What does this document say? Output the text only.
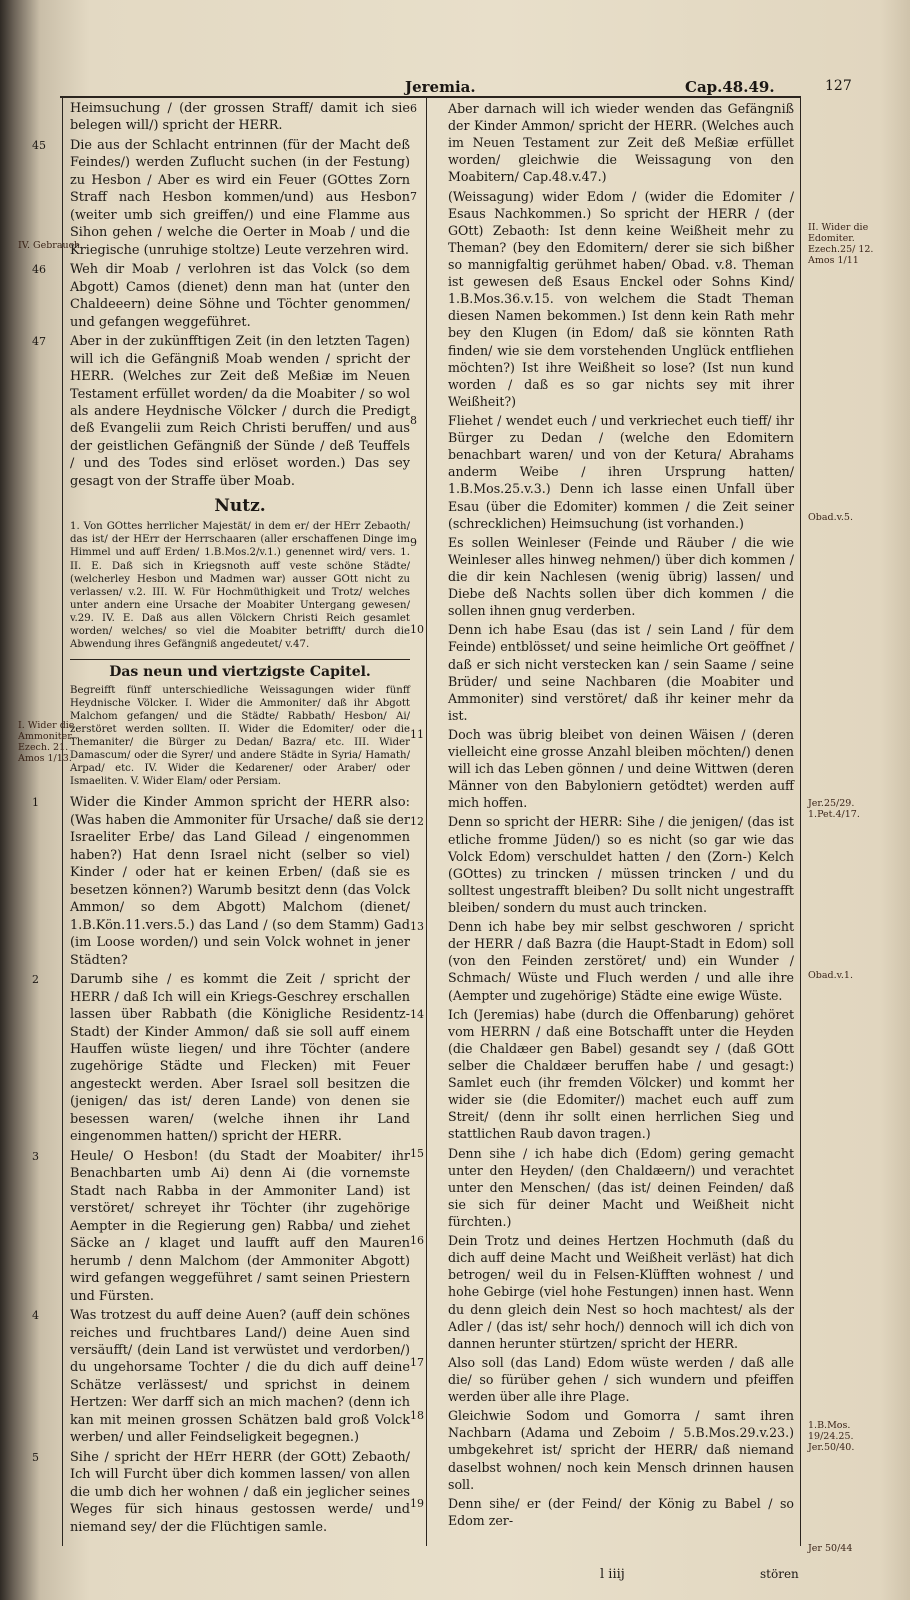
Jeremia.	Cap.48.49.	127
IV. Gebrauch.
I. Wider die Ammoniter. Ezech. 21. Amos 1/13.
II. Wider die Edomiter. Ezech.25/ 12. Amos 1/11
Obad.v.5.
Jer.25/29. 1.Pet.4/17.
Obad.v.1.
1.B.Mos. 19/24.25. Jer.50/40.
Jer 50/44

Heimsuchung / (der grossen Straff/ damit ich sie belegen will/) spricht der HERR.

45 Die aus der Schlacht entrinnen (für der Macht deß Feindes/) werden Zuflucht suchen (in der Festung) zu Hesbon / Aber es wird ein Feuer (GOttes Zorn Straff nach Hesbon kommen/und) aus Hesbon (weiter umb sich greiffen/) und eine Flamme aus Sihon gehen / welche die Oerter in Moab / und die Kriegische (unruhige stoltze) Leute verzehren wird.

46 Weh dir Moab / verlohren ist das Volck (so dem Abgott) Camos (dienet) denn man hat (unter den Chaldeeern) deine Söhne und Töchter genommen/ und gefangen weggeführet.

47 Aber in der zukünfftigen Zeit (in den letzten Tagen) will ich die Gefängniß Moab wenden / spricht der HERR. (Welches zur Zeit deß Meßiæ im Neuen Testament erfüllet worden/ da die Moabiter / so wol als andere Heydnische Völcker / durch die Predigt deß Evangelii zum Reich Christi beruffen/ und aus der geistlichen Gefängniß der Sünde / deß Teuffels / und des Todes sind erlöset worden.) Das sey gesagt von der Straffe über Moab.

Nutz.

1. Von GOttes herrlicher Majestät/ in dem er/ der HErr Zebaoth/ das ist/ der HErr der Herrschaaren (aller erschaffenen Dinge im Himmel und auff Erden/ 1.B.Mos.2/v.1.) genennet wird/ vers. 1. II. E. Daß sich in Kriegsnoth auff veste schöne Städte/ (welcherley Hesbon und Madmen war) ausser GOtt nicht zu verlassen/ v.2. III. W. Für Hochmüthigkeit und Trotz/ welches unter andern eine Ursache der Moabiter Untergang gewesen/ v.29. IV. E. Daß aus allen Völckern Christi Reich gesamlet worden/ welches/ so viel die Moabiter betrifft/ durch die Abwendung ihres Gefängniß angedeutet/ v.47.

Das neun und viertzigste Capitel.

Begreifft fünff unterschiedliche Weissagungen wider fünff Heydnische Völcker. I. Wider die Ammoniter/ daß ihr Abgott Malchom gefangen/ und die Städte/ Rabbath/ Hesbon/ Ai/ zerstöret werden sollten. II. Wider die Edomiter/ oder die Themaniter/ die Bürger zu Dedan/ Bazra/ etc. III. Wider Damascum/ oder die Syrer/ und andere Städte in Syria/ Hamath/ Arpad/ etc. IV. Wider die Kedarener/ oder Araber/ oder Ismaeliten. V. Wider Elam/ oder Persiam.

1 Wider die Kinder Ammon spricht der HERR also: (Was haben die Ammoniter für Ursache/ daß sie der Israeliter Erbe/ das Land Gilead / eingenommen haben?) Hat denn Israel nicht (selber so viel) Kinder / oder hat er keinen Erben/ (daß sie es besetzen können?) Warumb besitzt denn (das Volck Ammon/ so dem Abgott) Malchom (dienet/ 1.B.Kön.11.vers.5.) das Land / (so dem Stamm) Gad (im Loose worden/) und sein Volck wohnet in jener Städten?

2 Darumb sihe / es kommt die Zeit / spricht der HERR / daß Ich will ein Kriegs-Geschrey erschallen lassen über Rabbath (die Königliche Residentz-Stadt) der Kinder Ammon/ daß sie soll auff einem Hauffen wüste liegen/ und ihre Töchter (andere zugehörige Städte und Flecken) mit Feuer angesteckt werden. Aber Israel soll besitzen die (jenigen/ das ist/ deren Lande) von denen sie besessen waren/ (welche ihnen ihr Land eingenommen hatten/) spricht der HERR.

3 Heule/ O Hesbon! (du Stadt der Moabiter/ ihr Benachbarten umb Ai) denn Ai (die vornemste Stadt nach Rabba in der Ammoniter Land) ist verstöret/ schreyet ihr Töchter (ihr zugehörige Aempter in die Regierung gen) Rabba/ und ziehet Säcke an / klaget und laufft auff den Mauren herumb / denn Malchom (der Ammoniter Abgott) wird gefangen weggeführet / samt seinen Priestern und Fürsten.

4 Was trotzest du auff deine Auen? (auff dein schönes reiches und fruchtbares Land/) deine Auen sind versäufft/ (dein Land ist verwüstet und verdorben/) du ungehorsame Tochter / die du dich auff deine Schätze verlässest/ und sprichst in deinem Hertzen: Wer darff sich an mich machen? (denn ich kan mit meinen grossen Schätzen bald groß Volck werben/ und aller Feindseligkeit begegnen.)

5 Sihe / spricht der HErr HERR (der GOtt) Zebaoth/ Ich will Furcht über dich kommen lassen/ von allen die umb dich her wohnen / daß ein jeglicher seines Weges für sich hinaus gestossen werde/ und niemand sey/ der die Flüchtigen samle.

6 Aber darnach will ich wieder wenden das Gefängniß der Kinder Ammon/ spricht der HERR. (Welches auch im Neuen Testament zur Zeit deß Meßiæ erfüllet worden/ gleichwie die Weissagung von den Moabitern/ Cap.48.v.47.)

7 (Weissagung) wider Edom / (wider die Edomiter / Esaus Nachkommen.) So spricht der HERR / (der GOtt) Zebaoth: Ist denn keine Weißheit mehr zu Theman? (bey den Edomitern/ derer sie sich bißher so mannigfaltig gerühmet haben/ Obad. v.8. Theman ist gewesen deß Esaus Enckel oder Sohns Kind/ 1.B.Mos.36.v.15. von welchem die Stadt Theman diesen Namen bekommen.) Ist denn kein Rath mehr bey den Klugen (in Edom/ daß sie könnten Rath finden/ wie sie dem vorstehenden Unglück entfliehen möchten?) Ist ihre Weißheit so lose? (Ist nun kund worden / daß es so gar nichts sey mit ihrer Weißheit?)

8 Fliehet / wendet euch / und verkriechet euch tieff/ ihr Bürger zu Dedan / (welche den Edomitern benachbart waren/ und von der Ketura/ Abrahams anderm Weibe / ihren Ursprung hatten/ 1.B.Mos.25.v.3.) Denn ich lasse einen Unfall über Esau (über die Edomiter) kommen / die Zeit seiner (schrecklichen) Heimsuchung (ist vorhanden.)

9 Es sollen Weinleser (Feinde und Räuber / die wie Weinleser alles hinweg nehmen/) über dich kommen / die dir kein Nachlesen (wenig übrig) lassen/ und Diebe deß Nachts sollen über dich kommen / die sollen ihnen gnug verderben.

10 Denn ich habe Esau (das ist / sein Land / für dem Feinde) entblösset/ und seine heimliche Ort geöffnet / daß er sich nicht verstecken kan / sein Saame / seine Brüder/ und seine Nachbaren (die Moabiter und Ammoniter) sind verstöret/ daß ihr keiner mehr da ist.

11 Doch was übrig bleibet von deinen Wäisen / (deren vielleicht eine grosse Anzahl bleiben möchten/) denen will ich das Leben gönnen / und deine Wittwen (deren Männer von den Babyloniern getödtet) werden auff mich hoffen.

12 Denn so spricht der HERR: Sihe / die jenigen/ (das ist etliche fromme Jüden/) so es nicht (so gar wie das Volck Edom) verschuldet hatten / den (Zorn-) Kelch (GOttes) zu trincken / müssen trincken / und du solltest ungestrafft bleiben? Du sollt nicht ungestrafft bleiben/ sondern du must auch trincken.

13 Denn ich habe bey mir selbst geschworen / spricht der HERR / daß Bazra (die Haupt-Stadt in Edom) soll (von den Feinden zerstöret/ und) ein Wunder / Schmach/ Wüste und Fluch werden / und alle ihre (Aempter und zugehörige) Städte eine ewige Wüste.

14 Ich (Jeremias) habe (durch die Offenbarung) gehöret vom HERRN / daß eine Botschafft unter die Heyden (die Chaldæer gen Babel) gesandt sey / (daß GOtt selber die Chaldæer beruffen habe / und gesagt:) Samlet euch (ihr fremden Völcker) und kommt her wider sie (die Edomiter/) machet euch auff zum Streit/ (denn ihr sollt einen herrlichen Sieg und stattlichen Raub davon tragen.)

15 Denn sihe / ich habe dich (Edom) gering gemacht unter den Heyden/ (den Chaldæern/) und verachtet unter den Menschen/ (das ist/ deinen Feinden/ daß sie sich für deiner Macht und Weißheit nicht fürchten.)

16 Dein Trotz und deines Hertzen Hochmuth (daß du dich auff deine Macht und Weißheit verläst) hat dich betrogen/ weil du in Felsen-Klüfften wohnest / und hohe Gebirge (viel hohe Festungen) innen hast. Wenn du denn gleich dein Nest so hoch machtest/ als der Adler / (das ist/ sehr hoch/) dennoch will ich dich von dannen herunter stürtzen/ spricht der HERR.

17 Also soll (das Land) Edom wüste werden / daß alle die/ so fürüber gehen / sich wundern und pfeiffen werden über alle ihre Plage.

18 Gleichwie Sodom und Gomorra / samt ihren Nachbarn (Adama und Zeboim / 5.B.Mos.29.v.23.) umbgekehret ist/ spricht der HERR/ daß niemand daselbst wohnen/ noch kein Mensch drinnen hausen soll.

19 Denn sihe/ er (der Feind/ der König zu Babel / so Edom zer-

l iiij	stören
